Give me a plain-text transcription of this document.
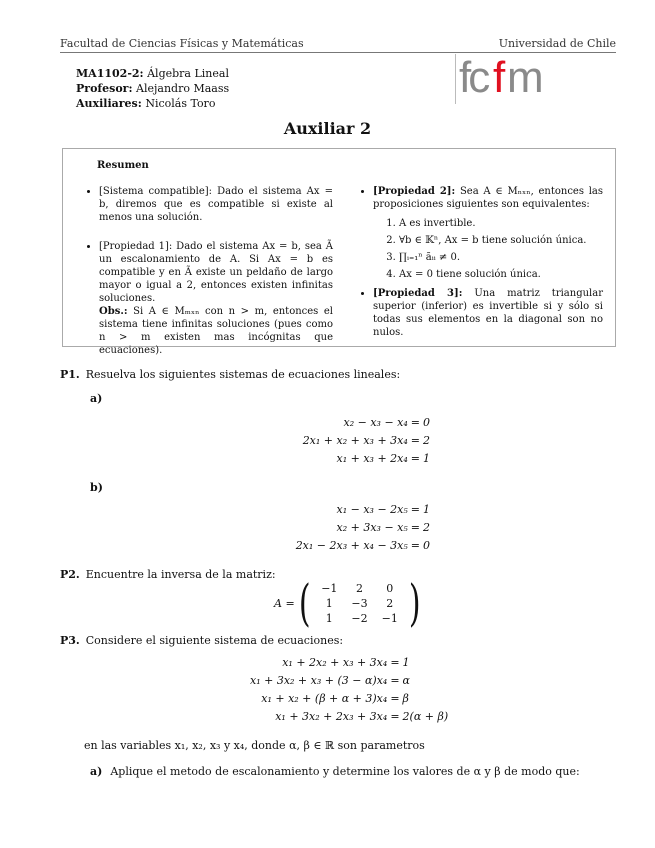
Facultad de Ciencias Físicas y Matemáticas	Universidad de Chile
MA1102-2: Álgebra Lineal
Profesor: Alejandro Maass
Auxiliares: Nicolás Toro
fc f m
Auxiliar 2
Resumen
• [Sistema compatible]: Dado el sistema Ax = b, diremos que es compatible si existe al menos una solución.
• [Propiedad 1]: Dado el sistema Ax = b, sea Ã un escalonamiento de A. Si Ax = b es compatible y en Ã existe un peldaño de largo mayor o igual a 2, entonces existen infinitas soluciones.
Obs.: Si A ∈ Mₘₓₙ con n > m, entonces el sistema tiene infinitas soluciones (pues como n > m existen mas incógnitas que ecuaciones).
• [Propiedad 2]: Sea A ∈ Mₙₓₙ, entonces las proposiciones siguientes son equivalentes:
1. A es invertible.
2. ∀b ∈ 𝕂ⁿ, Ax = b tiene solución única.
3. ∏ᵢ₌₁ⁿ ãᵢᵢ ≠ 0.
4. Ax = 0 tiene solución única.
• [Propiedad 3]: Una matriz triangular superior (inferior) es invertible si y sólo si todas sus elementos en la diagonal son no nulos.
P1. Resuelva los siguientes sistemas de ecuaciones lineales:
a)
x₂ − x₃ − x₄	=	0
2x₁ + x₂ + x₃ + 3x₄	=	2
x₁ + x₃ + 2x₄	=	1
b)
x₁ − x₃ − 2x₅	=	1
x₂ + 3x₃ − x₅	=	2
2x₁ − 2x₃ + x₄ − 3x₅	=	0
P2. Encuentre la inversa de la matriz:
A = ( −1	2	0
1	−3	2
1	−2	−1 )
P3. Considere el siguiente sistema de ecuaciones:
x₁ + 2x₂ + x₃ + 3x₄	=	1
x₁ + 3x₂ + x₃ + (3 − α)x₄	=	α
x₁ + x₂ + (β + α + 3)x₄	=	β
x₁ + 3x₂ + 2x₃ + 3x₄	=	2(α + β)
en las variables x₁, x₂, x₃ y x₄, donde α, β ∈ ℝ son parametros
a) Aplique el metodo de escalonamiento y determine los valores de α y β de modo que:
